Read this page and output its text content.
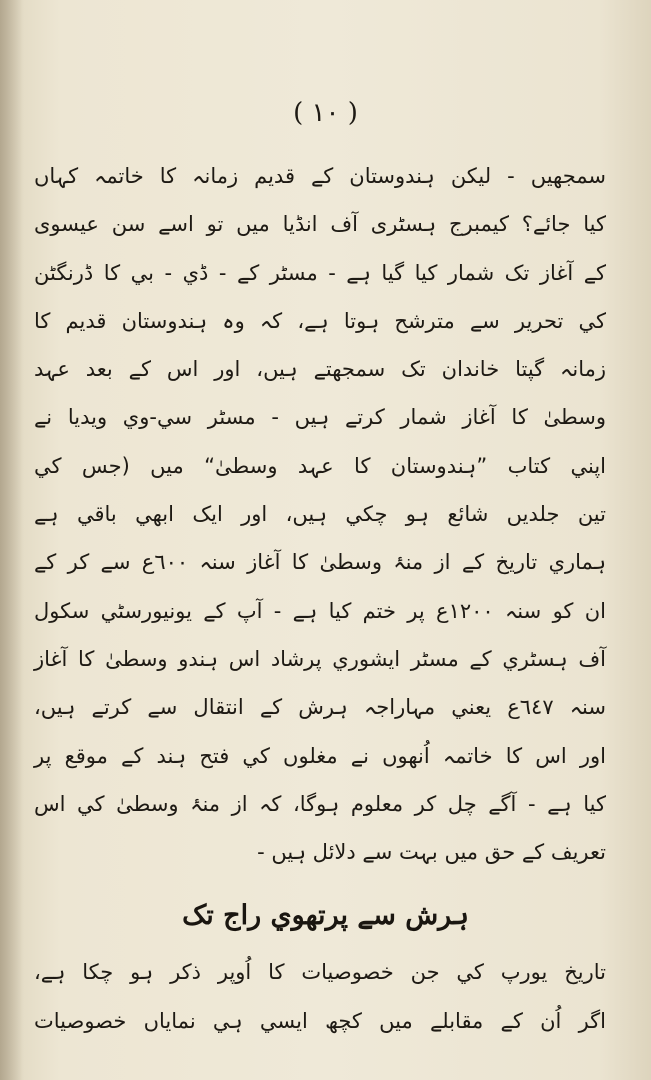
( ١٠ )
سمجھیں - لیکن ہندوستان کے قدیم زمانہ کا خاتمہ کہاں
کیا جائے؟ کیمبرج ہسٹری آف انڈیا میں تو اسے سن عیسوی
کے آغاز تک شمار کیا گیا ہے - مسٹر کے - ڈي - بي کا ڈرنگٹن
کي تحریر سے مترشح ہوتا ہے، کہ وہ ہندوستان قدیم کا
زمانہ گپتا خاندان تک سمجھتے ہیں، اور اس کے بعد عہد
وسطیٰ کا آغاز شمار کرتے ہیں - مسٹر سي-وي ویدیا نے
اپني کتاب ”ہندوستان کا عہد وسطیٰ“ میں (جس کي
تین جلدیں شائع ہو چکي ہیں، اور ایک ابھي باقي ہے
ہماري تاریخ کے از منۂ وسطیٰ کا آغاز سنہ ٦٠٠ع سے کر کے
ان کو سنہ ١٢٠٠ع پر ختم کیا ہے - آپ کے یونیورسٹي سکول
آف ہسٹري کے مسٹر ایشوري پرشاد اس ہندو وسطیٰ کا آغاز
سنہ ٦٤٧ع یعني مہاراجہ ہرش کے انتقال سے کرتے ہیں،
اور اس کا خاتمہ اُنھوں نے مغلوں کي فتح ہند کے موقع پر
کیا ہے - آگے چل کر معلوم ہوگا، کہ از منۂ وسطیٰ کي اس
تعریف کے حق میں بہت سے دلائل ہیں -
ہرش سے پرتھوي راج تک
تاریخ یورپ کي جن خصوصیات کا اُوپر ذکر ہو چکا ہے،
اگر اُن کے مقابلے میں کچھ ایسي ہي نمایاں خصوصیات
